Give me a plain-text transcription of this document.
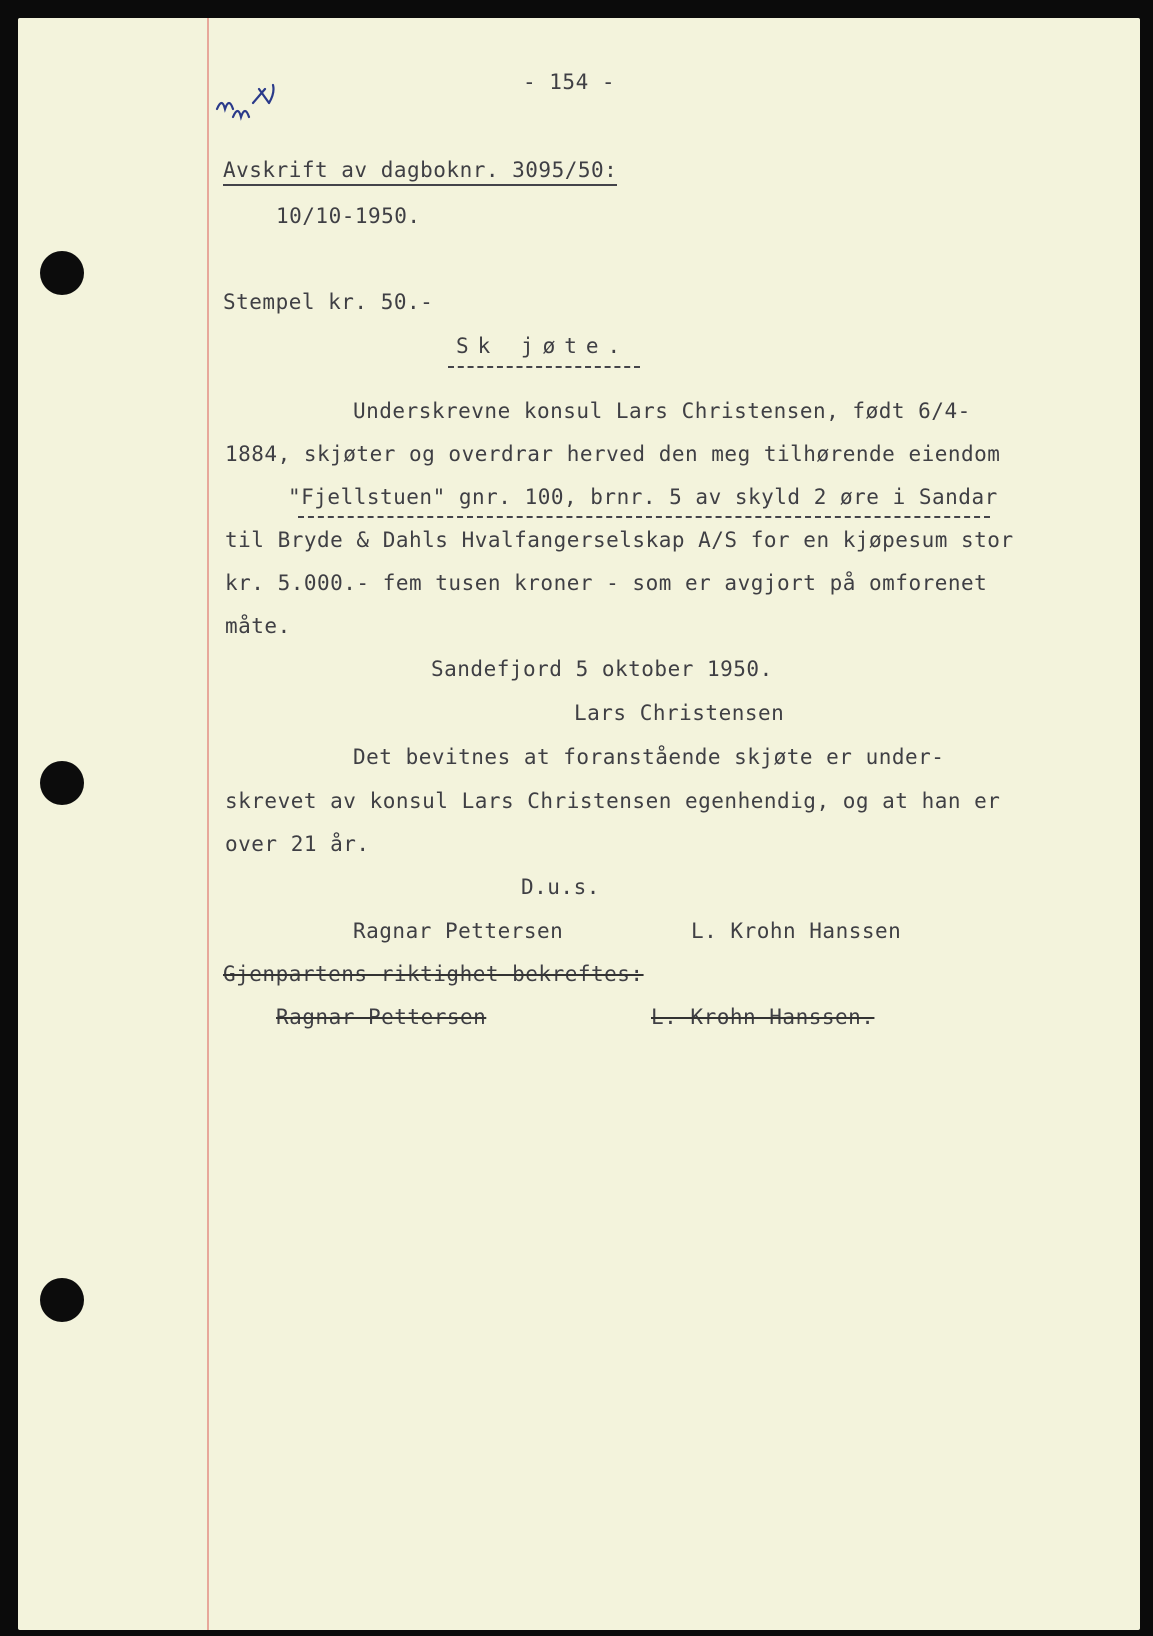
- 154 -
Avskrift av dagboknr. 3095/50:
10/10-1950.
Stempel kr. 50.-
Sk jøte.
Underskrevne konsul Lars Christensen, født 6/4-
1884, skjøter og overdrar herved den meg tilhørende eiendom
"Fjellstuen" gnr. 100, brnr. 5 av skyld 2 øre i Sandar
til Bryde & Dahls Hvalfangerselskap A/S for en kjøpesum stor
kr. 5.000.- fem tusen kroner - som er avgjort på omforenet
måte.
Sandefjord 5 oktober 1950.
Lars Christensen
Det bevitnes at foranstående skjøte er under-
skrevet av konsul Lars Christensen egenhendig, og at han er
over 21 år.
D.u.s.
Ragnar Pettersen	L. Krohn Hanssen
Gjenpartens riktighet bekreftes:
Ragnar Pettersen	L. Krohn Hanssen.
